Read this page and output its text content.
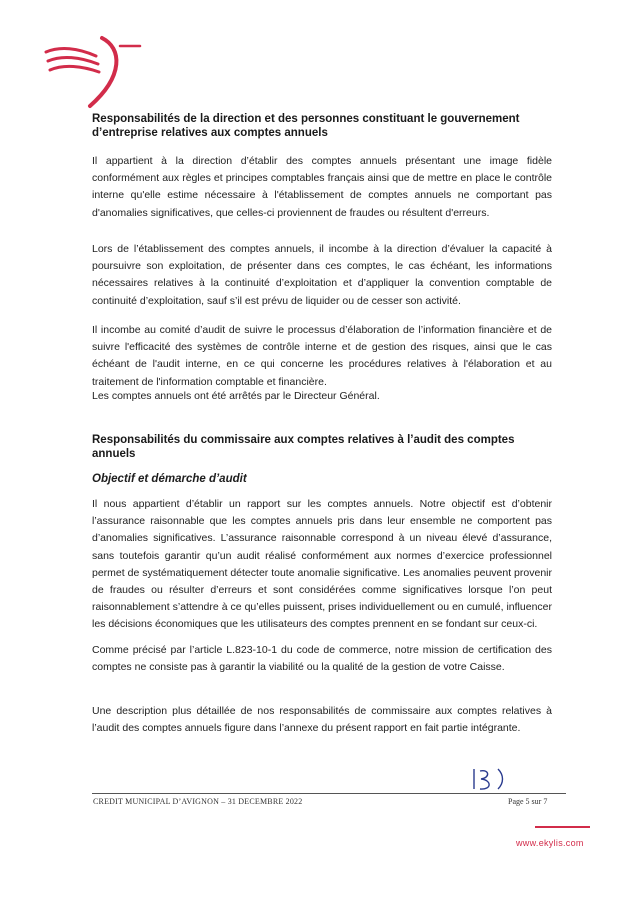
Responsabilités de la direction et des personnes constituant le gouvernement d’entreprise relatives aux comptes annuels

Il appartient à la direction d’établir des comptes annuels présentant une image fidèle conformément aux règles et principes comptables français ainsi que de mettre en place le contrôle interne qu'elle estime nécessaire à l'établissement de comptes annuels ne comportant pas d'anomalies significatives, que celles-ci proviennent de fraudes ou résultent d'erreurs.

Lors de l’établissement des comptes annuels, il incombe à la direction d’évaluer la capacité à poursuivre son exploitation, de présenter dans ces comptes, le cas échéant, les informations nécessaires relatives à la continuité d’exploitation et d’appliquer la convention comptable de continuité d’exploitation, sauf s’il est prévu de liquider ou de cesser son activité.

Il incombe au comité d’audit de suivre le processus d’élaboration de l’information financière et de suivre l'efficacité des systèmes de contrôle interne et de gestion des risques, ainsi que le cas échéant de l'audit interne, en ce qui concerne les procédures relatives à l'élaboration et au traitement de l'information comptable et financière.

Les comptes annuels ont été arrêtés par le Directeur Général.

Responsabilités du commissaire aux comptes relatives à l’audit des comptes annuels
Objectif et démarche d’audit

Il nous appartient d’établir un rapport sur les comptes annuels. Notre objectif est d’obtenir l’assurance raisonnable que les comptes annuels pris dans leur ensemble ne comportent pas d’anomalies significatives. L’assurance raisonnable correspond à un niveau élevé d’assurance, sans toutefois garantir qu’un audit réalisé conformément aux normes d’exercice professionnel permet de systématiquement détecter toute anomalie significative. Les anomalies peuvent provenir de fraudes ou résulter d’erreurs et sont considérées comme significatives lorsque l’on peut raisonnablement s’attendre à ce qu’elles puissent, prises individuellement ou en cumulé, influencer les décisions économiques que les utilisateurs des comptes prennent en se fondant sur ceux-ci.

Comme précisé par l’article L.823-10-1 du code de commerce, notre mission de certification des comptes ne consiste pas à garantir la viabilité ou la qualité de la gestion de votre Caisse.

Une description plus détaillée de nos responsabilités de commissaire aux comptes relatives à l’audit des comptes annuels figure dans l’annexe du présent rapport en fait partie intégrante.

CREDIT MUNICIPAL D’AVIGNON – 31 DECEMBRE 2022	Page 5 sur 7
www.ekylis.com
